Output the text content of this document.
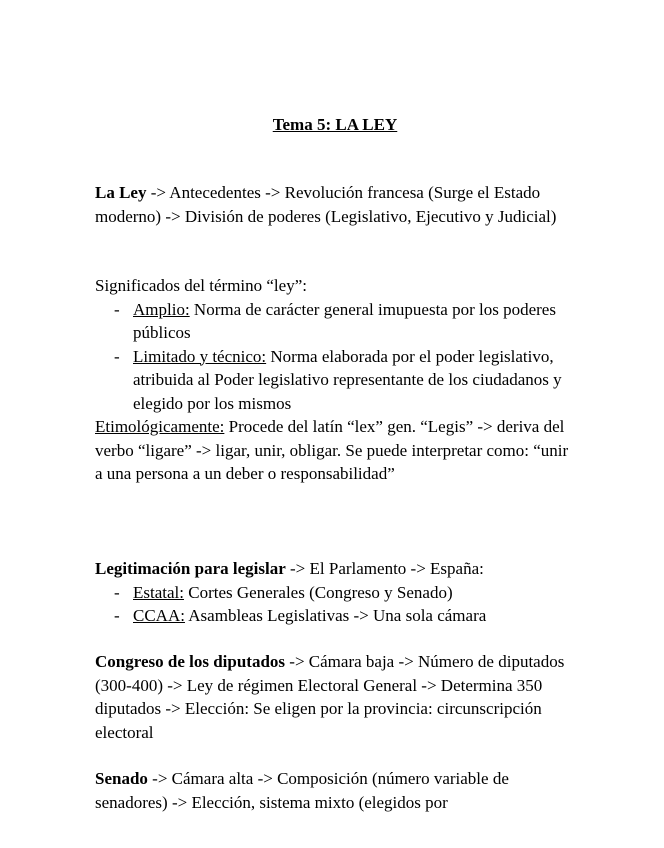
Tema 5: LA LEY
La Ley -> Antecedentes -> Revolución francesa (Surge el Estado moderno) -> División de poderes (Legislativo, Ejecutivo y Judicial)
Significados del término “ley”:
- Amplio: Norma de carácter general imupuesta por los poderes públicos
- Limitado y técnico: Norma elaborada por el poder legislativo, atribuida al Poder legislativo representante de los ciudadanos y elegido por los mismos
Etimológicamente: Procede del latín “lex” gen. “Legis” -> deriva del verbo “ligare” -> ligar, unir, obligar. Se puede interpretar como: “unir a una persona a un deber o responsabilidad”
Legitimación para legislar -> El Parlamento -> España:
- Estatal: Cortes Generales (Congreso y Senado)
- CCAA: Asambleas Legislativas -> Una sola cámara
Congreso de los diputados -> Cámara baja -> Número de diputados (300-400) -> Ley de régimen Electoral General -> Determina 350 diputados -> Elección: Se eligen por la provincia: circunscripción electoral
Senado -> Cámara alta -> Composición (número variable de senadores) -> Elección, sistema mixto (elegidos por
